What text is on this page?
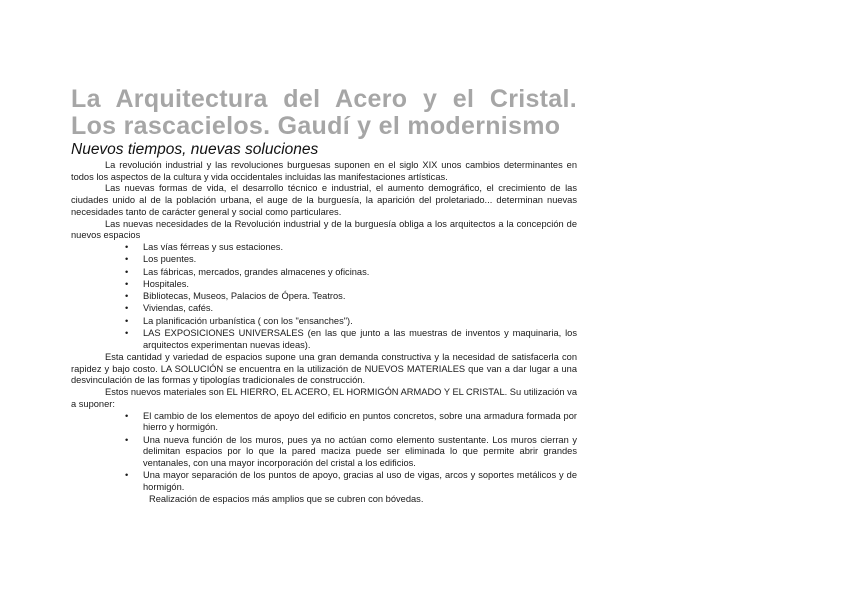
La Arquitectura del Acero y el Cristal. Los rascacielos. Gaudí y el modernismo
Nuevos tiempos, nuevas soluciones

La revolución industrial y las revoluciones burguesas suponen en el siglo XIX unos cambios determinantes en todos los aspectos de la cultura y vida occidentales incluidas las manifestaciones artísticas.

Las nuevas formas de vida, el desarrollo técnico e industrial, el aumento demográfico, el crecimiento de las ciudades unido al de la población urbana, el auge de la burguesía, la aparición del proletariado... determinan nuevas necesidades tanto de carácter general y social como particulares.

Las nuevas necesidades de la Revolución industrial y de la burguesía obliga a los arquitectos a la concepción de nuevos espacios

• Las vías férreas y sus estaciones.
• Los puentes.
• Las fábricas, mercados, grandes almacenes y oficinas.
• Hospitales.
• Bibliotecas, Museos, Palacios de Ópera. Teatros.
• Viviendas, cafés.
• La planificación urbanística ( con los "ensanches").
• LAS EXPOSICIONES UNIVERSALES (en las que junto a las muestras de inventos y maquinaria, los arquitectos experimentan nuevas ideas).

Esta cantidad y variedad de espacios supone una gran demanda constructiva y la necesidad de satisfacerla con rapidez y bajo costo. LA SOLUCIÓN se encuentra en la utilización de NUEVOS MATERIALES que van a dar lugar a una desvinculación de las formas y tipologías tradicionales de construcción.

Estos nuevos materiales son EL HIERRO, EL ACERO, EL HORMIGÓN ARMADO Y EL CRISTAL. Su utilización va a suponer:

• El cambio de los elementos de apoyo del edificio en puntos concretos, sobre una armadura formada por hierro y hormigón.
• Una nueva función de los muros, pues ya no actúan como elemento sustentante. Los muros cierran y delimitan espacios por lo que la pared maciza puede ser eliminada lo que permite abrir grandes ventanales, con una mayor incorporación del cristal a los edificios.
• Una mayor separación de los puntos de apoyo, gracias al uso de vigas, arcos y soportes metálicos y de hormigón.

Realización de espacios más amplios que se cubren con bóvedas.
